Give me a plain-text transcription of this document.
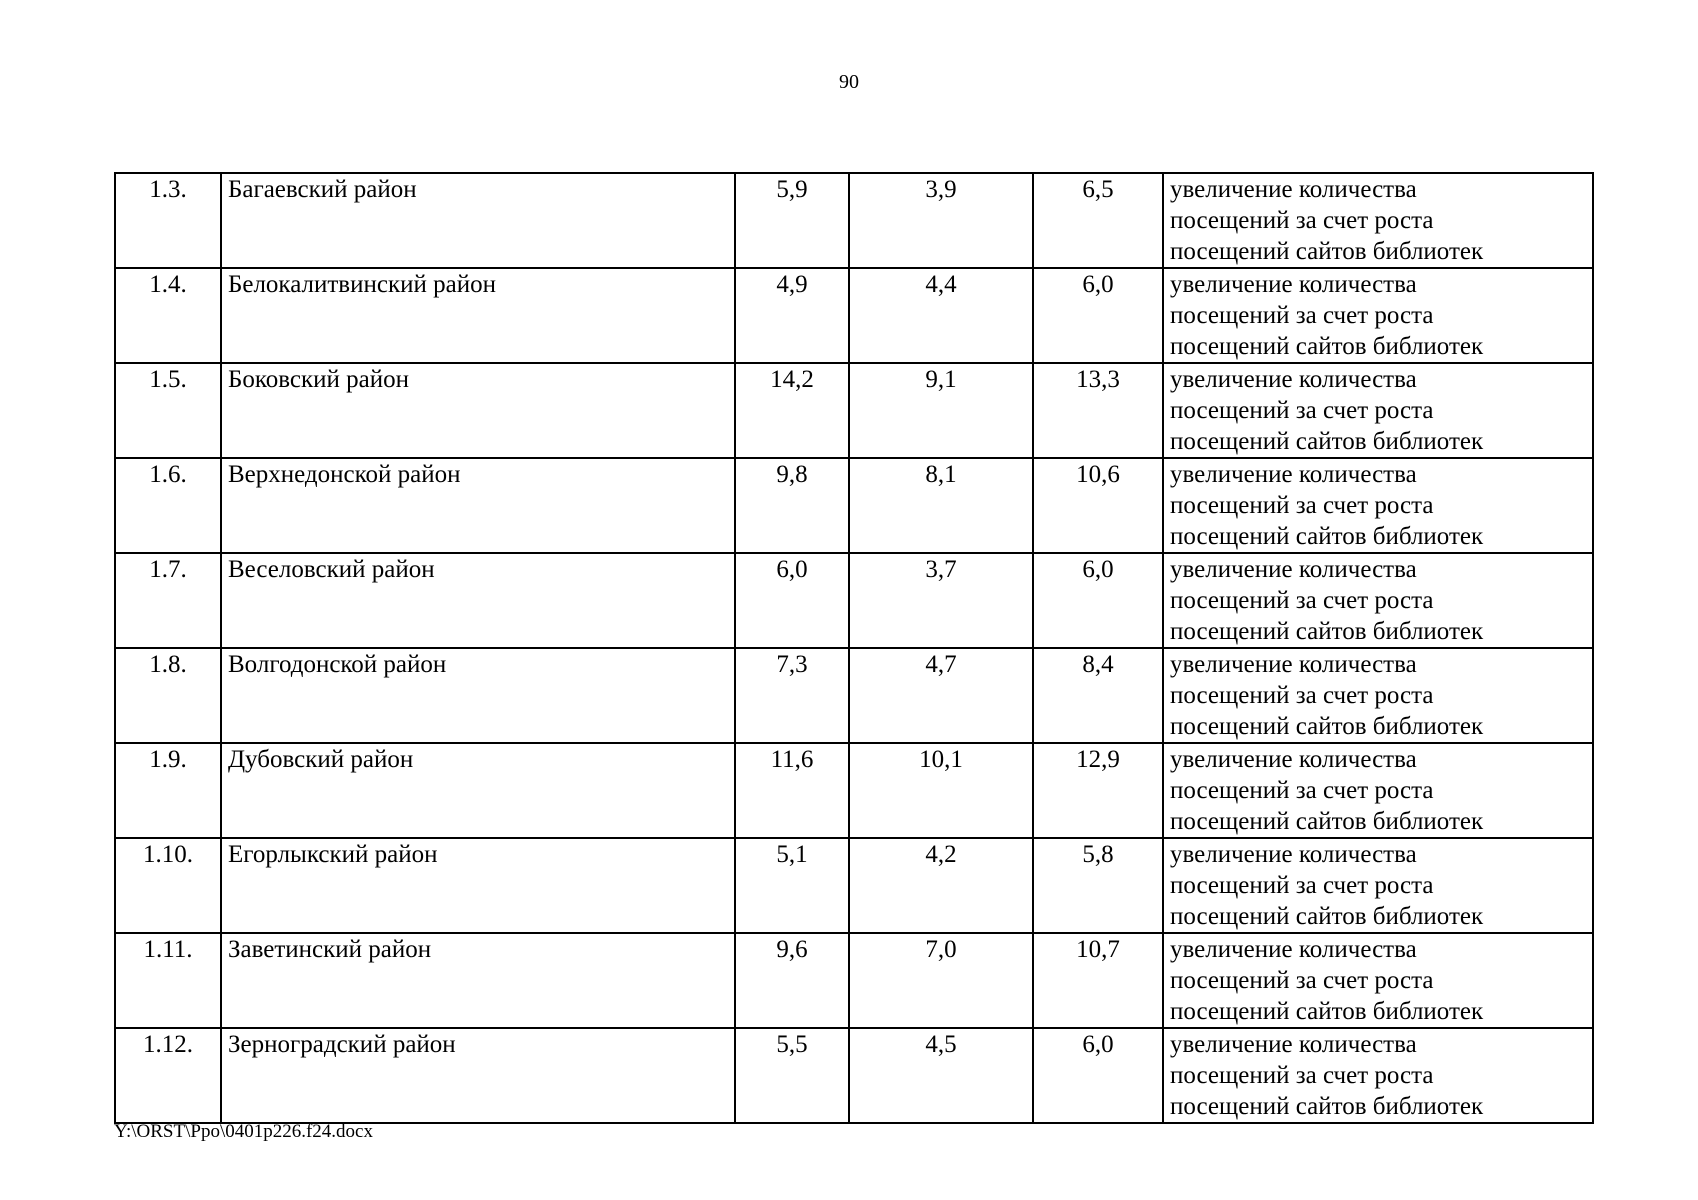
90
1.3.	Багаевский район	5,9	3,9	6,5	увеличение количества
посещений за счет роста
посещений сайтов библиотек

1.4.	Белокалитвинский район	4,9	4,4	6,0	увеличение количества
посещений за счет роста
посещений сайтов библиотек

1.5.	Боковский район	14,2	9,1	13,3	увеличение количества
посещений за счет роста
посещений сайтов библиотек

1.6.	Верхнедонской район	9,8	8,1	10,6	увеличение количества
посещений за счет роста
посещений сайтов библиотек

1.7.	Веселовский район	6,0	3,7	6,0	увеличение количества
посещений за счет роста
посещений сайтов библиотек

1.8.	Волгодонской район	7,3	4,7	8,4	увеличение количества
посещений за счет роста
посещений сайтов библиотек

1.9.	Дубовский район	11,6	10,1	12,9	увеличение количества
посещений за счет роста
посещений сайтов библиотек

1.10.	Егорлыкский район	5,1	4,2	5,8	увеличение количества
посещений за счет роста
посещений сайтов библиотек

1.11.	Заветинский район	9,6	7,0	10,7	увеличение количества
посещений за счет роста
посещений сайтов библиотек

1.12.	Зерноградский район	5,5	4,5	6,0	увеличение количества
посещений за счет роста
посещений сайтов библиотек
Y:\ORST\Ppo\0401p226.f24.docx
